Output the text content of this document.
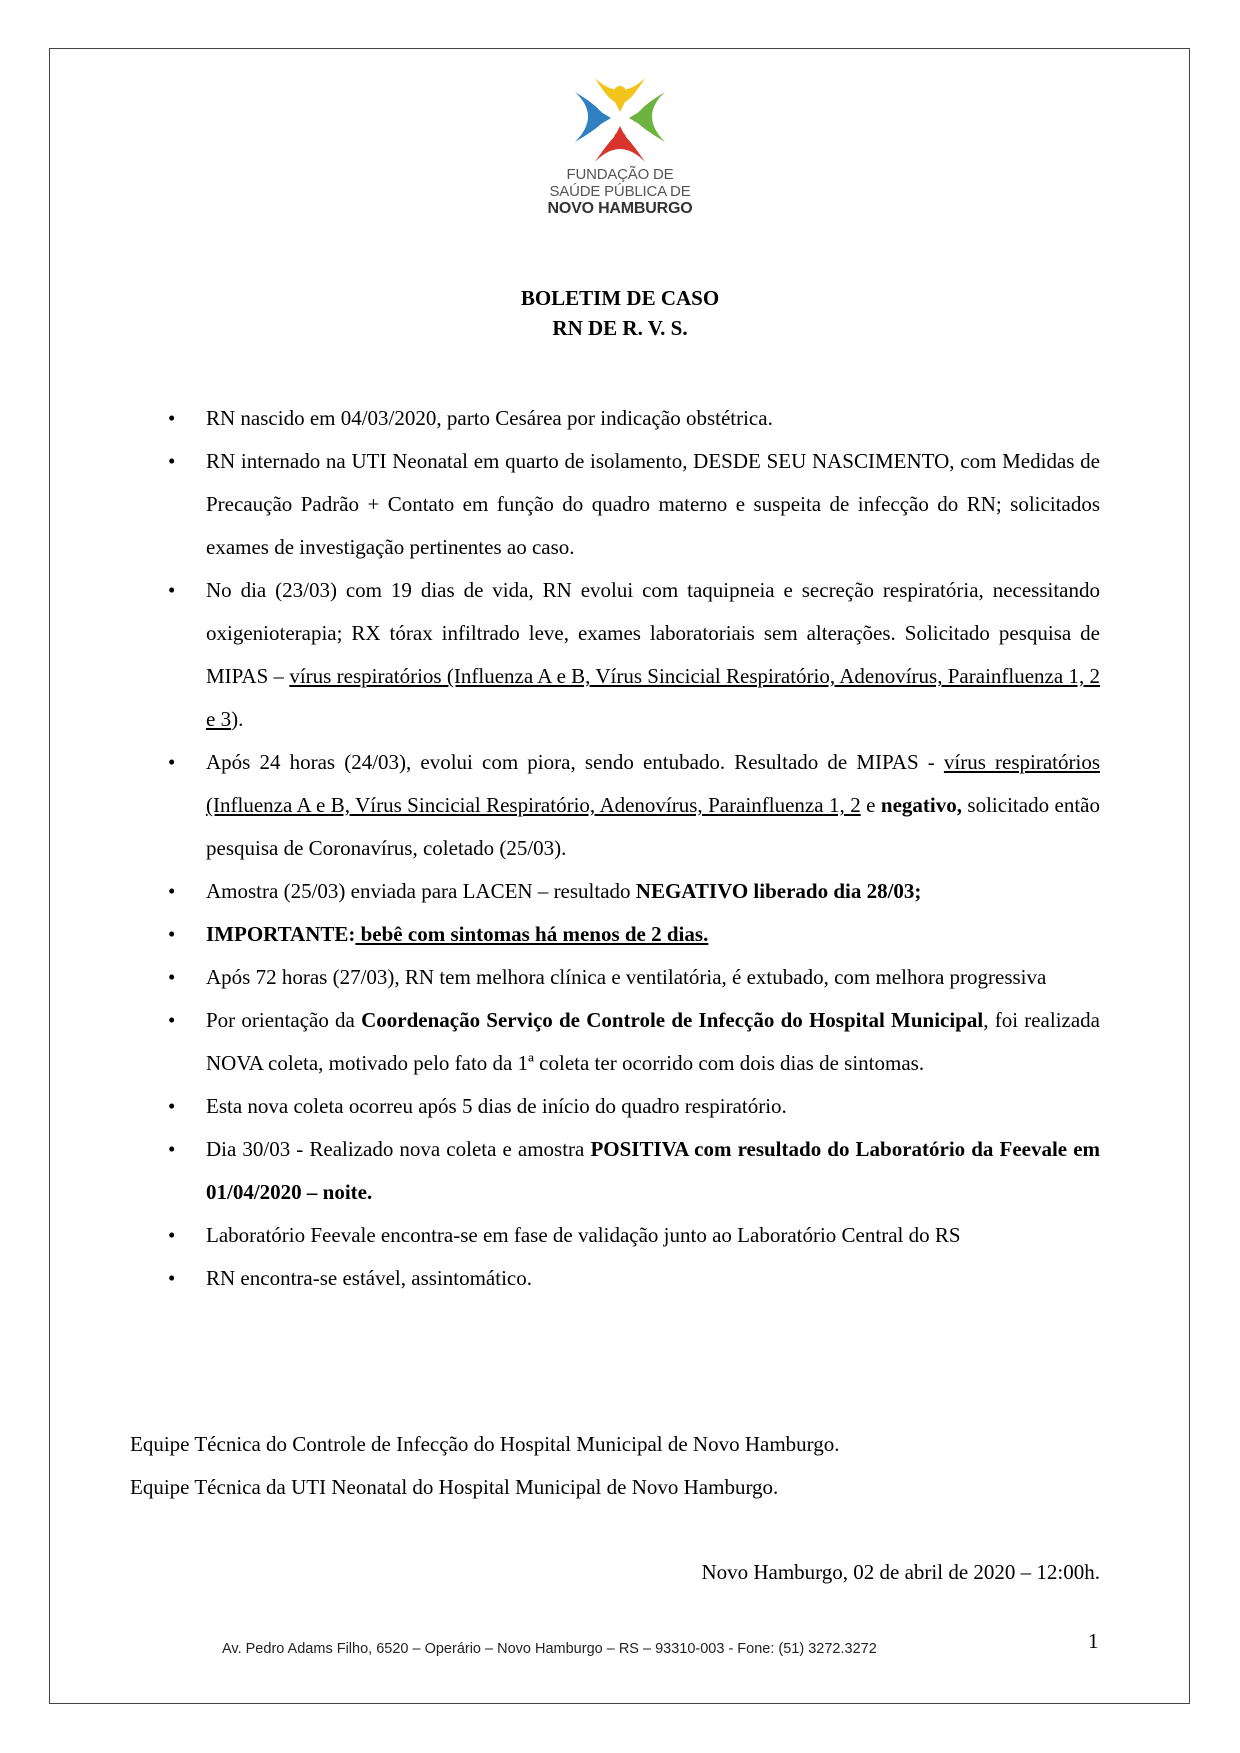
FUNDAÇÃO DE
SAÚDE PÚBLICA DE
NOVO HAMBURGO
BOLETIM DE CASO
RN DE R. V. S.
• RN nascido em 04/03/2020, parto Cesárea por indicação obstétrica.
• RN internado na UTI Neonatal em quarto de isolamento, DESDE SEU NASCIMENTO, com Medidas de Precaução Padrão + Contato em função do quadro materno e suspeita de infecção do RN; solicitados exames de investigação pertinentes ao caso.
• No dia (23/03) com 19 dias de vida, RN evolui com taquipneia e secreção respiratória, necessitando oxigenioterapia; RX tórax infiltrado leve, exames laboratoriais sem alterações. Solicitado pesquisa de MIPAS – vírus respiratórios (Influenza A e B, Vírus Sincicial Respiratório, Adenovírus, Parainfluenza 1, 2 e 3).
• Após 24 horas (24/03), evolui com piora, sendo entubado. Resultado de MIPAS - vírus respiratórios (Influenza A e B, Vírus Sincicial Respiratório, Adenovírus, Parainfluenza 1, 2 e negativo, solicitado então pesquisa de Coronavírus, coletado (25/03).
• Amostra (25/03) enviada para LACEN – resultado NEGATIVO liberado dia 28/03;
• IMPORTANTE: bebê com sintomas há menos de 2 dias.
• Após 72 horas (27/03), RN tem melhora clínica e ventilatória, é extubado, com melhora progressiva
• Por orientação da Coordenação Serviço de Controle de Infecção do Hospital Municipal, foi realizada NOVA coleta, motivado pelo fato da 1ª coleta ter ocorrido com dois dias de sintomas.
• Esta nova coleta ocorreu após 5 dias de início do quadro respiratório.
• Dia 30/03 - Realizado nova coleta e amostra POSITIVA com resultado do Laboratório da Feevale em 01/04/2020 – noite.
• Laboratório Feevale encontra-se em fase de validação junto ao Laboratório Central do RS
• RN encontra-se estável, assintomático.
Equipe Técnica do Controle de Infecção do Hospital Municipal de Novo Hamburgo.
Equipe Técnica da UTI Neonatal do Hospital Municipal de Novo Hamburgo.
Novo Hamburgo, 02 de abril de 2020 – 12:00h.
Av. Pedro Adams Filho, 6520 – Operário – Novo Hamburgo – RS – 93310-003 - Fone: (51) 3272.3272	1
